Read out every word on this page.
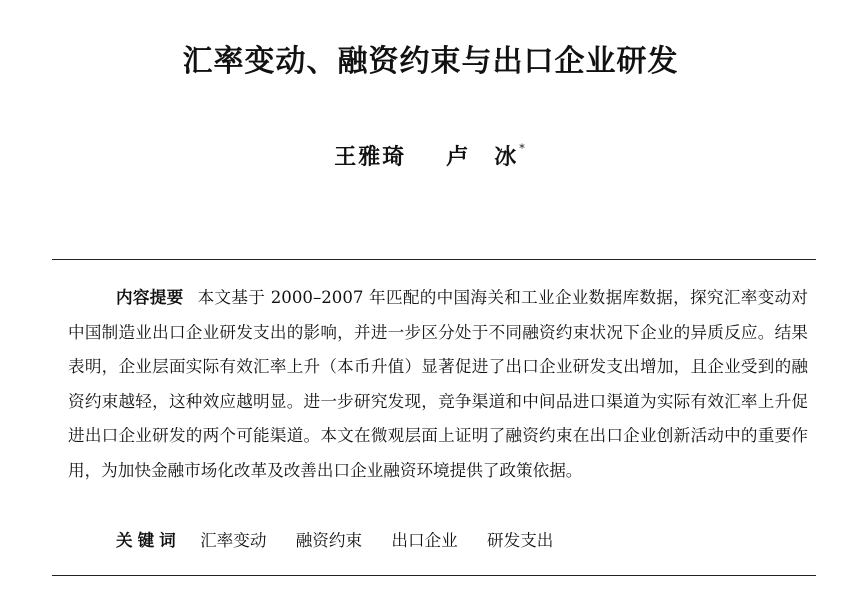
汇率变动、融资约束与出口企业研发
王雅琦 卢　冰*

内容提要 本文基于 2000–2007 年匹配的中国海关和工业企业数据库数据，探究汇率变动对中国制造业出口企业研发支出的影响，并进一步区分处于不同融资约束状况下企业的异质反应。结果表明，企业层面实际有效汇率上升（本币升值）显著促进了出口企业研发支出增加，且企业受到的融资约束越轻，这种效应越明显。进一步研究发现，竞争渠道和中间品进口渠道为实际有效汇率上升促进出口企业研发的两个可能渠道。本文在微观层面上证明了融资约束在出口企业创新活动中的重要作用，为加快金融市场化改革及改善出口企业融资环境提供了政策依据。

关键词 汇率变动 融资约束 出口企业 研发支出
